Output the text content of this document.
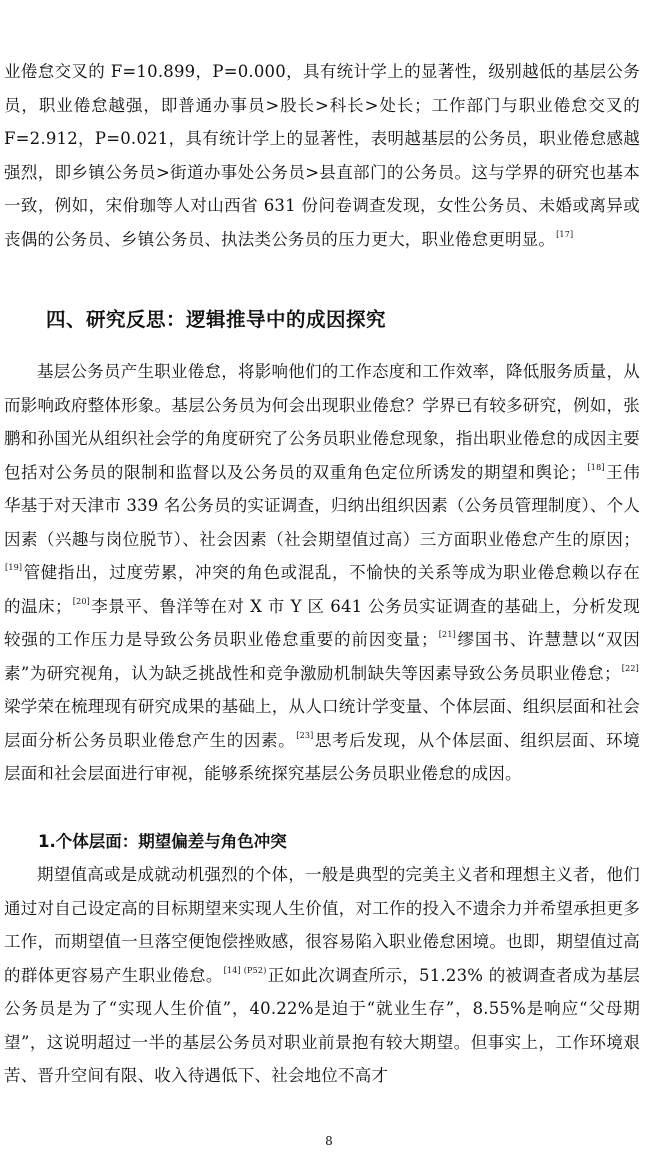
业倦怠交叉的 F=10.899，P=0.000，具有统计学上的显著性，级别越低的基层公务员，职业倦怠越强，即普通办事员>股长>科长>处长；工作部门与职业倦怠交叉的 F=2.912，P=0.021，具有统计学上的显著性，表明越基层的公务员，职业倦怠感越强烈，即乡镇公务员>街道办事处公务员>县直部门的公务员。这与学界的研究也基本一致，例如，宋佾珈等人对山西省 631 份问卷调查发现，女性公务员、未婚或离异或丧偶的公务员、乡镇公务员、执法类公务员的压力更大，职业倦怠更明显。[17]

四、研究反思：逻辑推导中的成因探究

基层公务员产生职业倦怠，将影响他们的工作态度和工作效率，降低服务质量，从而影响政府整体形象。基层公务员为何会出现职业倦怠？学界已有较多研究，例如，张鹏和孙国光从组织社会学的角度研究了公务员职业倦怠现象，指出职业倦怠的成因主要包括对公务员的限制和监督以及公务员的双重角色定位所诱发的期望和舆论；[18]王伟华基于对天津市 339 名公务员的实证调查，归纳出组织因素（公务员管理制度）、个人因素（兴趣与岗位脱节）、社会因素（社会期望值过高）三方面职业倦怠产生的原因；[19]管健指出，过度劳累，冲突的角色或混乱，不愉快的关系等成为职业倦怠赖以存在的温床；[20]李景平、鲁洋等在对 X 市 Y 区 641 公务员实证调查的基础上，分析发现较强的工作压力是导致公务员职业倦怠重要的前因变量；[21]缪国书、许慧慧以“双因素”为研究视角，认为缺乏挑战性和竞争激励机制缺失等因素导致公务员职业倦怠；[22]梁学荣在梳理现有研究成果的基础上，从人口统计学变量、个体层面、组织层面和社会层面分析公务员职业倦怠产生的因素。[23]思考后发现，从个体层面、组织层面、环境层面和社会层面进行审视，能够系统探究基层公务员职业倦怠的成因。

1.个体层面：期望偏差与角色冲突

期望值高或是成就动机强烈的个体，一般是典型的完美主义者和理想主义者，他们通过对自己设定高的目标期望来实现人生价值，对工作的投入不遗余力并希望承担更多工作，而期望值一旦落空便饱偿挫败感，很容易陷入职业倦怠困境。也即，期望值过高的群体更容易产生职业倦怠。$^{[14] (P52)}$正如此次调查所示，51.23% 的被调查者成为基层公务员是为了“实现人生价值”，40.22%是迫于“就业生存”，8.55%是响应“父母期望”，这说明超过一半的基层公务员对职业前景抱有较大期望。但事实上，工作环境艰苦、晋升空间有限、收入待遇低下、社会地位不高才

8
